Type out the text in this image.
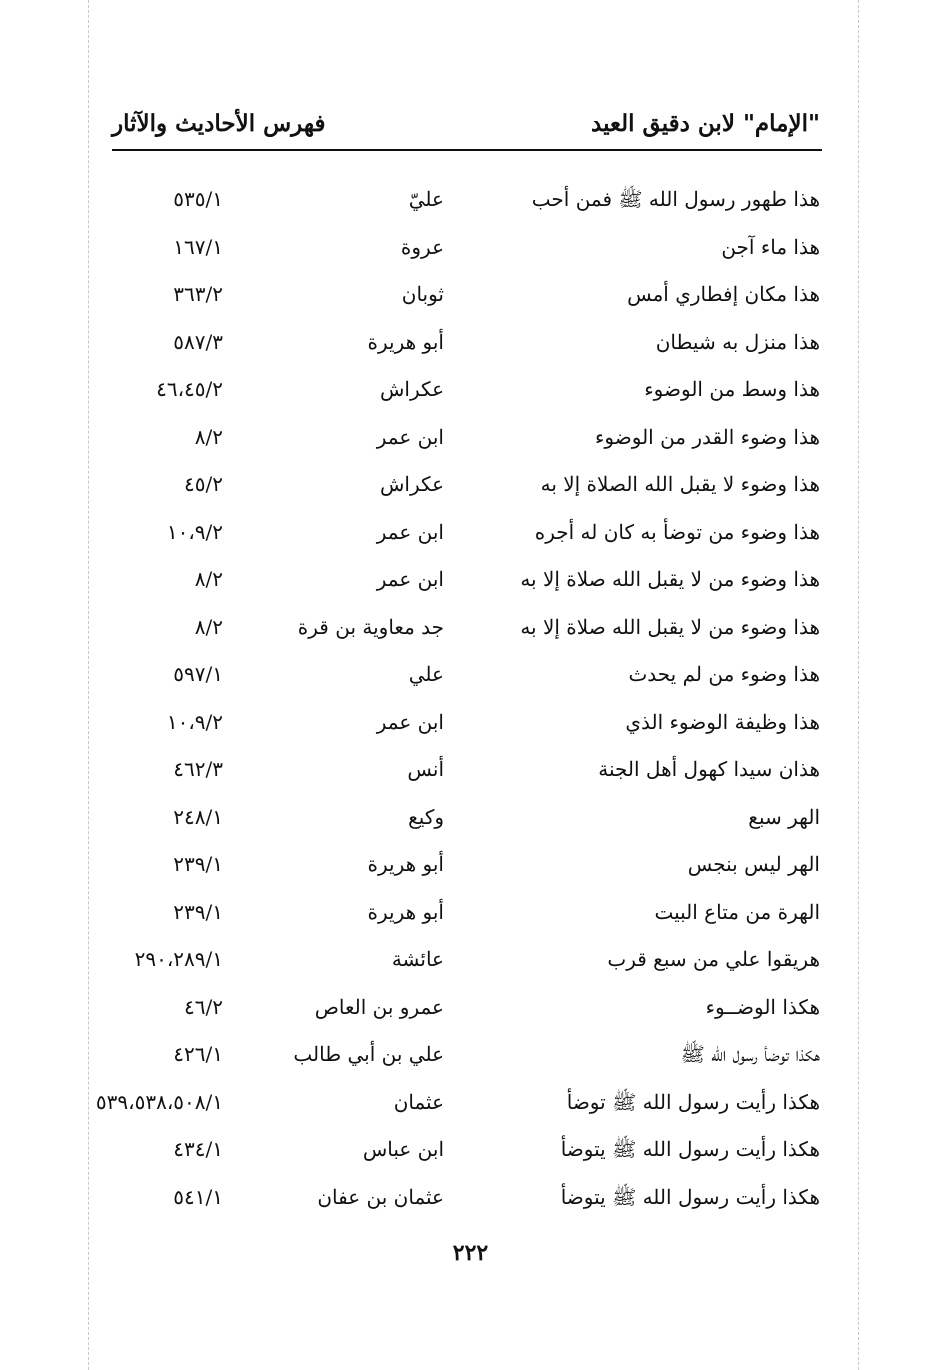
"الإمام" لابن دقيق العيد
فهرس الأحاديث والآثار
هذا طهور رسول الله ﷺ فمن أحب
عليّ
٥٣٥/١
هذا ماء آجن
عروة
١٦٧/١
هذا مكان إفطاري أمس
ثوبان
٣٦٣/٢
هذا منزل به شيطان
أبو هريرة
٥٨٧/٣
هذا وسط من الوضوء
عكراش
٤٦،٤٥/٢
هذا وضوء القدر من الوضوء
ابن عمر
٨/٢
هذا وضوء لا يقبل الله الصلاة إلا به
عكراش
٤٥/٢
هذا وضوء من توضأ به كان له أجره
ابن عمر
١٠،٩/٢
هذا وضوء من لا يقبل الله صلاة إلا به
ابن عمر
٨/٢
هذا وضوء من لا يقبل الله صلاة إلا به
جد معاوية بن قرة
٨/٢
هذا وضوء من لم يحدث
علي
٥٩٧/١
هذا وظيفة الوضوء الذي
ابن عمر
١٠،٩/٢
هذان سيدا كهول أهل الجنة
أنس
٤٦٢/٣
الهر سبع
وكيع
٢٤٨/١
الهر ليس بنجس
أبو هريرة
٢٣٩/١
الهرة من متاع البيت
أبو هريرة
٢٣٩/١
هريقوا علي من سبع قرب
عائشة
٢٩٠،٢٨٩/١
هكذا الوضــوء
عمرو بن العاص
٤٦/٢
هكذا توضأ رسول الله ﷺ
علي بن أبي طالب
٤٢٦/١
هكذا رأيت رسول الله ﷺ توضأ
عثمان
٥٣٩،٥٣٨،٥٠٨/١
هكذا رأيت رسول الله ﷺ يتوضأ
ابن عباس
٤٣٤/١
هكذا رأيت رسول الله ﷺ يتوضأ
عثمان بن عفان
٥٤١/١
٢٢٢
